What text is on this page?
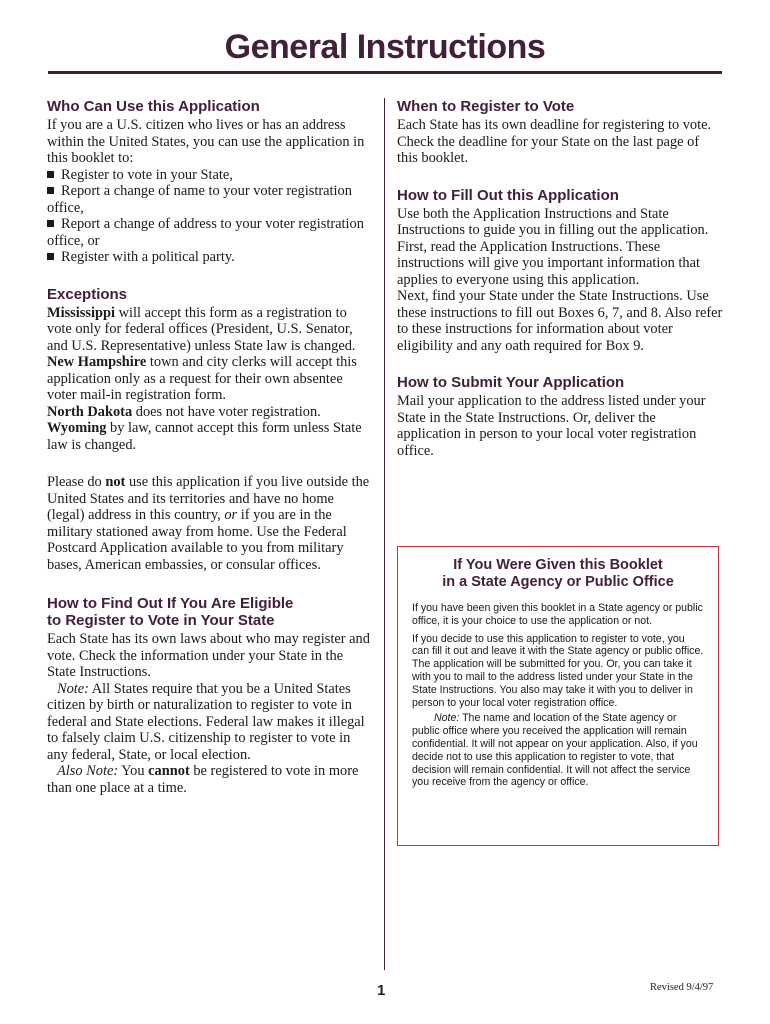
General Instructions
Who Can Use this Application

If you are a U.S. citizen who lives or has an address within the United States, you can use the application in this booklet to:

Register to vote in your State,

Report a change of name to your voter registration office,

Report a change of address to your voter registration office, or

Register with a political party.

Exceptions

Mississippi will accept this form as a registration to vote only for federal offices (President, U.S. Senator, and U.S. Representative) unless State law is changed.

New Hampshire town and city clerks will accept this application only as a request for their own absentee voter mail-in registration form.

North Dakota does not have voter registration.

Wyoming by law, cannot accept this form unless State law is changed.

Please do not use this application if you live outside the United States and its territories and have no home (legal) address in this country, or if you are in the military stationed away from home. Use the Federal Postcard Application available to you from military bases, American embassies, or consular offices.

How to Find Out If You Are Eligible
to Register to Vote in Your State

Each State has its own laws about who may register and vote. Check the information under your State in the State Instructions.

Note: All States require that you be a United States citizen by birth or naturalization to register to vote in federal and State elections. Federal law makes it illegal to falsely claim U.S. citizenship to register to vote in any federal, State, or local election.

Also Note: You cannot be registered to vote in more than one place at a time.

When to Register to Vote

Each State has its own deadline for registering to vote. Check the deadline for your State on the last page of this booklet.

How to Fill Out this Application

Use both the Application Instructions and State Instructions to guide you in filling out the application.

First, read the Application Instructions. These instructions will give you important information that applies to everyone using this application.

Next, find your State under the State Instructions. Use these instructions to fill out Boxes 6, 7, and 8. Also refer to these instructions for information about voter eligibility and any oath required for Box 9.

How to Submit Your Application

Mail your application to the address listed under your State in the State Instructions. Or, deliver the application in person to your local voter registration office.

If You Were Given this Booklet
in a State Agency or Public Office

If you have been given this booklet in a State agency or public office, it is your choice to use the application or not.

If you decide to use this application to register to vote, you can fill it out and leave it with the State agency or public office. The application will be submitted for you. Or, you can take it with you to mail to the address listed under your State in the State Instructions. You also may take it with you to deliver in person to your local voter registration office.

Note: The name and location of the State agency or public office where you received the application will remain confidential. It will not appear on your application. Also, if you decide not to use this application to register to vote, that decision will remain confidential. It will not affect the service you receive from the agency or office.

1	Revised 9/4/97
